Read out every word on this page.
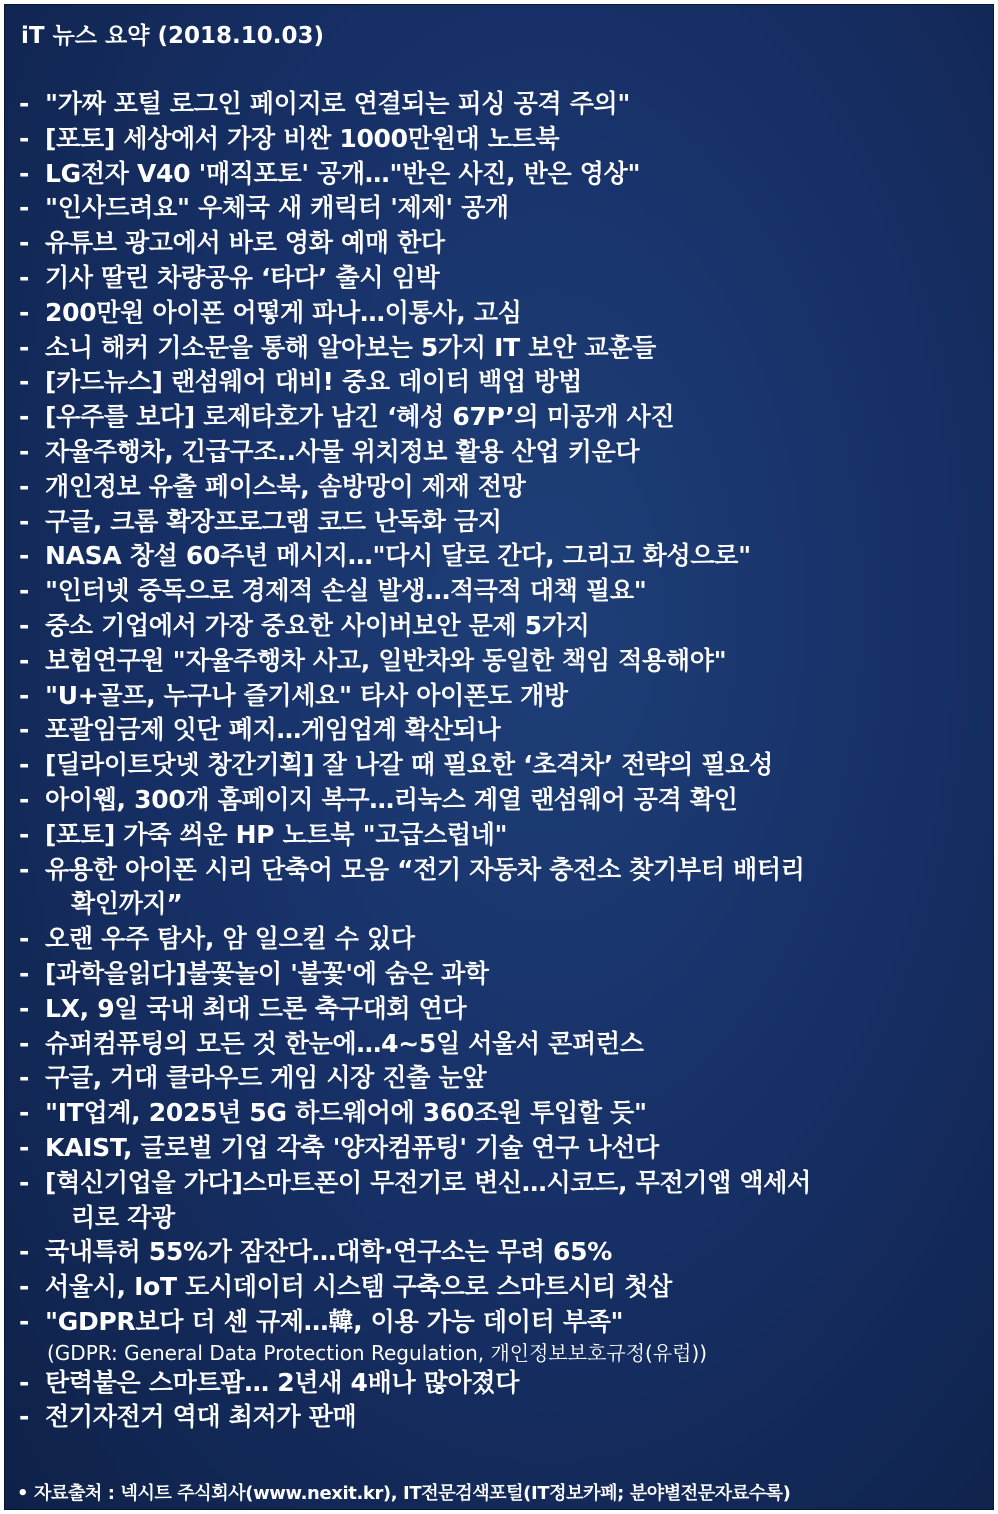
iT 뉴스 요약 (2018.10.03)
- "가짜 포털 로그인 페이지로 연결되는 피싱 공격 주의"
- [포토] 세상에서 가장 비싼 1000만원대 노트북
- LG전자 V40 '매직포토' 공개…"반은 사진, 반은 영상"
- "인사드려요" 우체국 새 캐릭터 '제제' 공개
- 유튜브 광고에서 바로 영화 예매 한다
- 기사 딸린 차량공유 ‘타다’ 출시 임박
- 200만원 아이폰 어떻게 파나…이통사, 고심
- 소니 해커 기소문을 통해 알아보는 5가지 IT 보안 교훈들
- [카드뉴스] 랜섬웨어 대비! 중요 데이터 백업 방법
- [우주를 보다] 로제타호가 남긴 ‘혜성 67P’의 미공개 사진
- 자율주행차, 긴급구조..사물 위치정보 활용 산업 키운다
- 개인정보 유출 페이스북, 솜방망이 제재 전망
- 구글, 크롬 확장프로그램 코드 난독화 금지
- NASA 창설 60주년 메시지…"다시 달로 간다, 그리고 화성으로"
- "인터넷 중독으로 경제적 손실 발생…적극적 대책 필요"
- 중소 기업에서 가장 중요한 사이버보안 문제 5가지
- 보험연구원 "자율주행차 사고, 일반차와 동일한 책임 적용해야"
- "U+골프, 누구나 즐기세요" 타사 아이폰도 개방
- 포괄임금제 잇단 폐지…게임업계 확산되나
- [딜라이트닷넷 창간기획] 잘 나갈 때 필요한 ‘초격차’ 전략의 필요성
- 아이웹, 300개 홈페이지 복구…리눅스 계열 랜섬웨어 공격 확인
- [포토] 가죽 씌운 HP 노트북 "고급스럽네"
- 유용한 아이폰 시리 단축어 모음 “전기 자동차 충전소 찾기부터 배터리
확인까지”
- 오랜 우주 탐사, 암 일으킬 수 있다
- [과학을읽다]불꽃놀이 '불꽃'에 숨은 과학
- LX, 9일 국내 최대 드론 축구대회 연다
- 슈퍼컴퓨팅의 모든 것 한눈에…4~5일 서울서 콘퍼런스
- 구글, 거대 클라우드 게임 시장 진출 눈앞
- "IT업계, 2025년 5G 하드웨어에 360조원 투입할 듯"
- KAIST, 글로벌 기업 각축 '양자컴퓨팅' 기술 연구 나선다
- [혁신기업을 가다]스마트폰이 무전기로 변신…시코드, 무전기앱 액세서
리로 각광
- 국내특허 55%가 잠잔다…대학·연구소는 무려 65%
- 서울시, IoT 도시데이터 시스템 구축으로 스마트시티 첫삽
- "GDPR보다 더 센 규제…韓, 이용 가능 데이터 부족"
(GDPR: General Data Protection Regulation, 개인정보보호규정(유럽))
- 탄력붙은 스마트팜… 2년새 4배나 많아졌다
- 전기자전거 역대 최저가 판매
• 자료출처 : 넥시트 주식회사(www.nexit.kr), IT전문검색포털(IT정보카페; 분야별전문자료수록)
